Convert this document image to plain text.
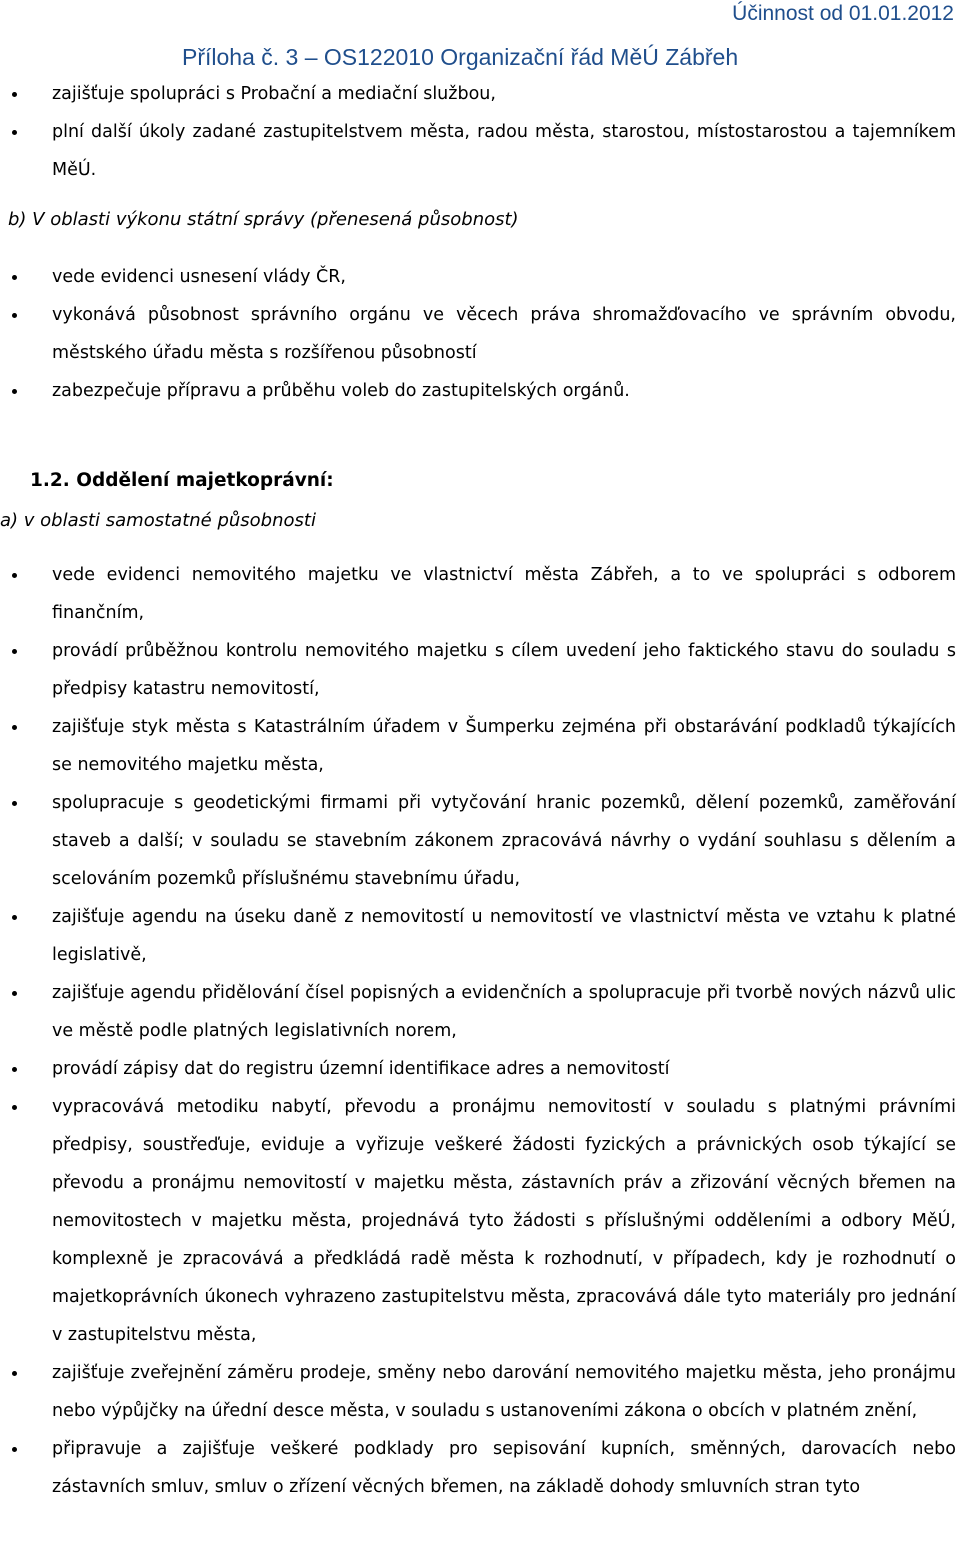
Účinnost od 01.01.2012
Příloha č. 3 – OS122010 Organizační řád MěÚ Zábřeh
zajišťuje spolupráci s Probační a mediační službou,
plní další úkoly zadané zastupitelstvem města, radou města, starostou, místostarostou a tajemníkem MěÚ.
b) V oblasti výkonu státní správy (přenesená působnost)
vede evidenci usnesení vlády ČR,
vykonává působnost správního orgánu ve věcech práva shromažďovacího ve správním obvodu, městského úřadu města s rozšířenou působností
zabezpečuje přípravu a průběhu voleb do zastupitelských orgánů.
1.2. Oddělení majetkoprávní:
a) v oblasti samostatné působnosti
vede evidenci nemovitého majetku ve vlastnictví města Zábřeh, a to ve spolupráci s odborem finančním,
provádí průběžnou kontrolu nemovitého majetku s cílem uvedení jeho faktického stavu do souladu s předpisy katastru nemovitostí,
zajišťuje styk města s Katastrálním úřadem v Šumperku zejména při obstarávání podkladů týkajících se nemovitého majetku města,
spolupracuje s geodetickými firmami při vytyčování hranic pozemků, dělení pozemků, zaměřování staveb a další; v souladu se stavebním zákonem zpracovává návrhy o vydání souhlasu s dělením a scelováním pozemků příslušnému stavebnímu úřadu,
zajišťuje agendu na úseku daně z nemovitostí u nemovitostí ve vlastnictví města ve vztahu k platné legislativě,
zajišťuje agendu přidělování čísel popisných a evidenčních a spolupracuje při tvorbě nových názvů ulic ve městě podle platných legislativních norem,
provádí zápisy dat do registru územní identifikace adres a nemovitostí
vypracovává metodiku nabytí, převodu a pronájmu nemovitostí v souladu s platnými právními předpisy, soustřeďuje, eviduje a vyřizuje veškeré žádosti fyzických a právnických osob týkající se převodu a pronájmu nemovitostí v majetku města, zástavních práv a zřizování věcných břemen na nemovitostech v majetku města, projednává tyto žádosti s příslušnými odděleními a odbory MěÚ, komplexně je zpracovává a předkládá radě města k rozhodnutí, v případech, kdy je rozhodnutí o majetkoprávních úkonech vyhrazeno zastupitelstvu města, zpracovává dále tyto materiály pro jednání v zastupitelstvu města,
zajišťuje zveřejnění záměru prodeje, směny nebo darování nemovitého majetku města, jeho pronájmu nebo výpůjčky na úřední desce města, v souladu s ustanoveními zákona o obcích v platném znění,
připravuje a zajišťuje veškeré podklady pro sepisování kupních, směnných, darovacích nebo zástavních smluv, smluv o zřízení věcných břemen, na základě dohody smluvních stran tyto
